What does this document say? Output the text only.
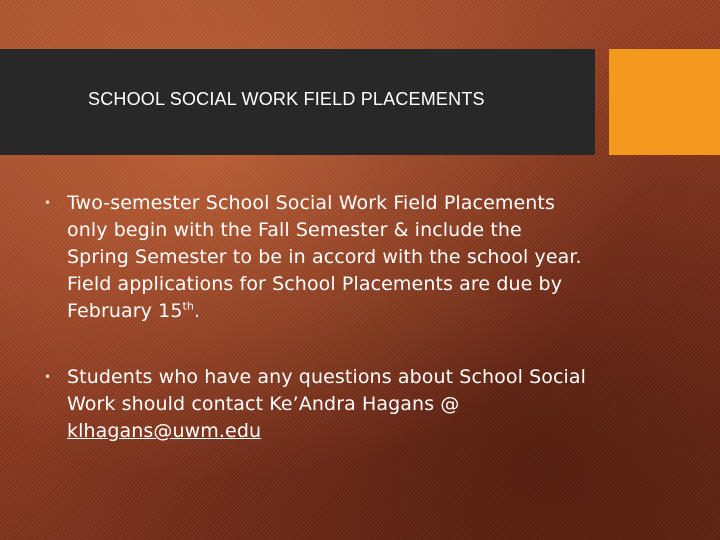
SCHOOL SOCIAL WORK FIELD PLACEMENTS
• Two-semester School Social Work Field Placements only begin with the Fall Semester & include the Spring Semester to be in accord with the school year. Field applications for School Placements are due by February 15th.
• Students who have any questions about School Social Work should contact Ke’Andra Hagans @ klhagans@uwm.edu
